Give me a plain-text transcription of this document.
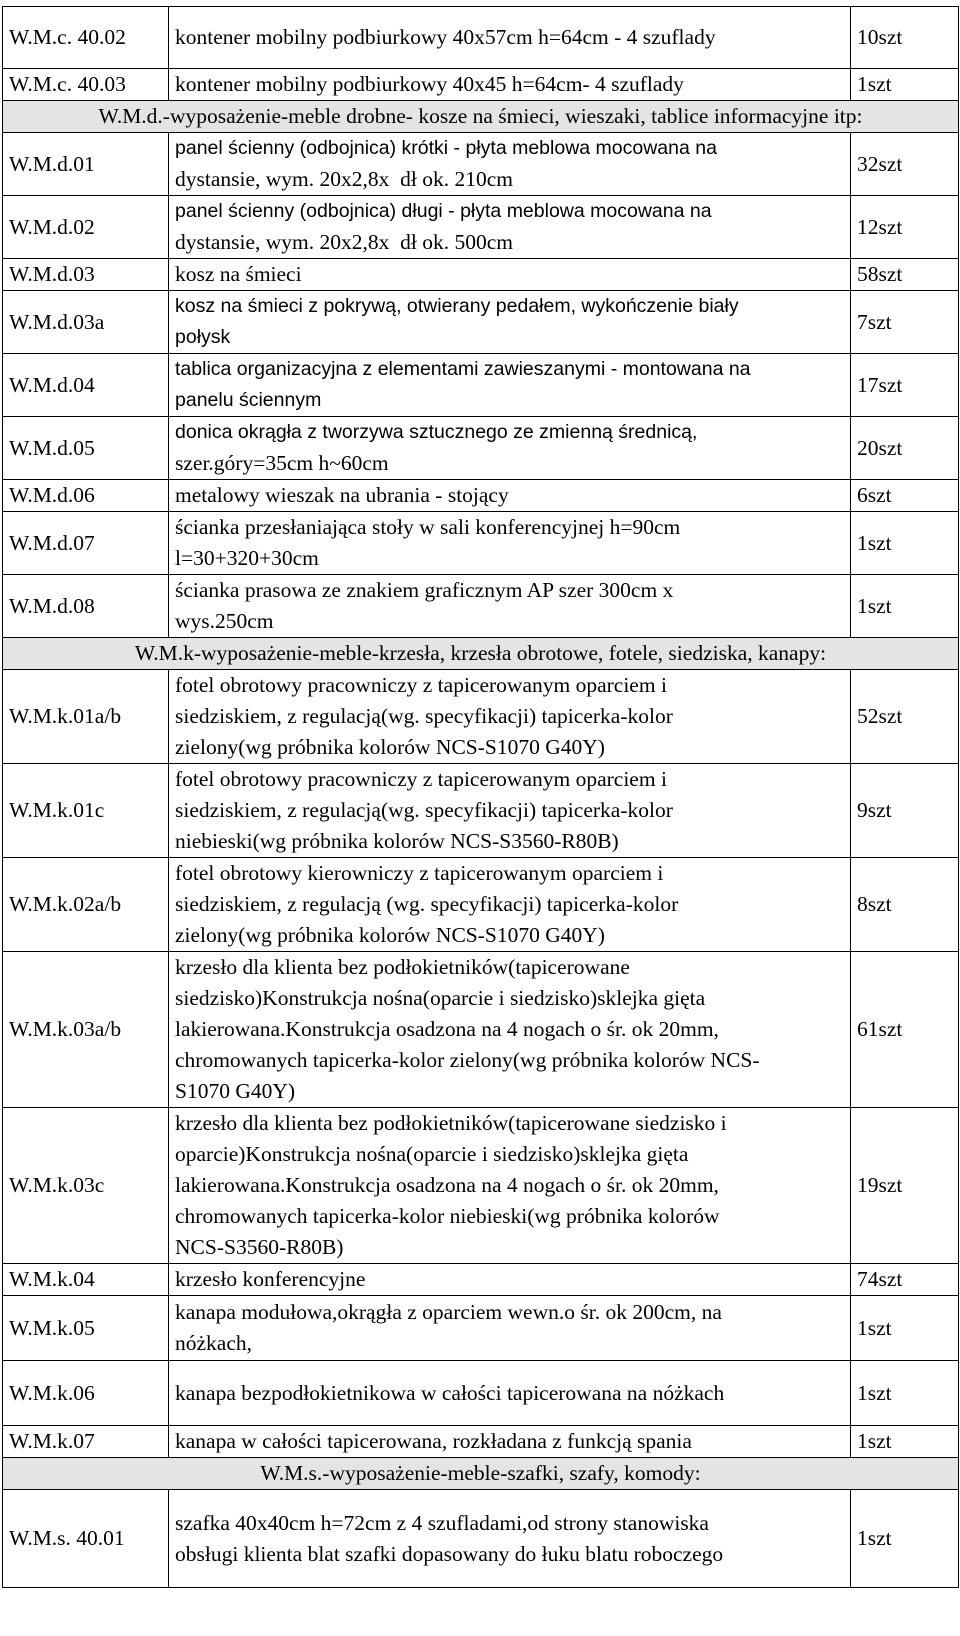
W.M.c. 40.02	kontener mobilny podbiurkowy 40x57cm h=64cm - 4 szuflady	10szt
W.M.c. 40.03	kontener mobilny podbiurkowy 40x45 h=64cm- 4 szuflady	1szt
W.M.d.-wyposażenie-meble drobne- kosze na śmieci, wieszaki, tablice informacyjne itp:		
W.M.d.01	panel ścienny (odbojnica) krótki - płyta meblowa mocowana na
dystansie, wym. 20x2,8x  dł ok. 210cm	32szt
W.M.d.02	panel ścienny (odbojnica) długi - płyta meblowa mocowana na
dystansie, wym. 20x2,8x  dł ok. 500cm	12szt
W.M.d.03	kosz na śmieci	58szt
W.M.d.03a	kosz na śmieci z pokrywą, otwierany pedałem, wykończenie biały
połysk	7szt
W.M.d.04	tablica organizacyjna z elementami zawieszanymi - montowana na
panelu ściennym	17szt
W.M.d.05	donica okrągła z tworzywa sztucznego ze zmienną średnicą,
szer.góry=35cm h~60cm	20szt
W.M.d.06	metalowy wieszak na ubrania - stojący	6szt
W.M.d.07	ścianka przesłaniająca stoły w sali konferencyjnej h=90cm
l=30+320+30cm	1szt
W.M.d.08	ścianka prasowa ze znakiem graficznym AP szer 300cm x
wys.250cm	1szt
W.M.k-wyposażenie-meble-krzesła, krzesła obrotowe, fotele, siedziska, kanapy:		
W.M.k.01a/b	fotel obrotowy pracowniczy z tapicerowanym oparciem i
siedziskiem, z regulacją(wg. specyfikacji) tapicerka-kolor
zielony(wg próbnika kolorów NCS-S1070 G40Y)	52szt
W.M.k.01c	fotel obrotowy pracowniczy z tapicerowanym oparciem i
siedziskiem, z regulacją(wg. specyfikacji) tapicerka-kolor
niebieski(wg próbnika kolorów NCS-S3560-R80B)	9szt
W.M.k.02a/b	fotel obrotowy kierowniczy z tapicerowanym oparciem i
siedziskiem, z regulacją (wg. specyfikacji) tapicerka-kolor
zielony(wg próbnika kolorów NCS-S1070 G40Y)	8szt
W.M.k.03a/b	krzesło dla klienta bez podłokietników(tapicerowane
siedzisko)Konstrukcja nośna(oparcie i siedzisko)sklejka gięta
lakierowana.Konstrukcja osadzona na 4 nogach o śr. ok 20mm,
chromowanych tapicerka-kolor zielony(wg próbnika kolorów NCS-
S1070 G40Y)	61szt
W.M.k.03c	krzesło dla klienta bez podłokietników(tapicerowane siedzisko i
oparcie)Konstrukcja nośna(oparcie i siedzisko)sklejka gięta
lakierowana.Konstrukcja osadzona na 4 nogach o śr. ok 20mm,
chromowanych tapicerka-kolor niebieski(wg próbnika kolorów
NCS-S3560-R80B)	19szt
W.M.k.04	krzesło konferencyjne	74szt
W.M.k.05	kanapa modułowa,okrągła z oparciem wewn.o śr. ok 200cm, na
nóżkach,	1szt
W.M.k.06	kanapa bezpodłokietnikowa w całości tapicerowana na nóżkach	1szt
W.M.k.07	kanapa w całości tapicerowana, rozkładana z funkcją spania	1szt
W.M.s.-wyposażenie-meble-szafki, szafy, komody:		
W.M.s. 40.01	szafka 40x40cm h=72cm z 4 szufladami,od strony stanowiska
obsługi klienta blat szafki dopasowany do łuku blatu roboczego	1szt
